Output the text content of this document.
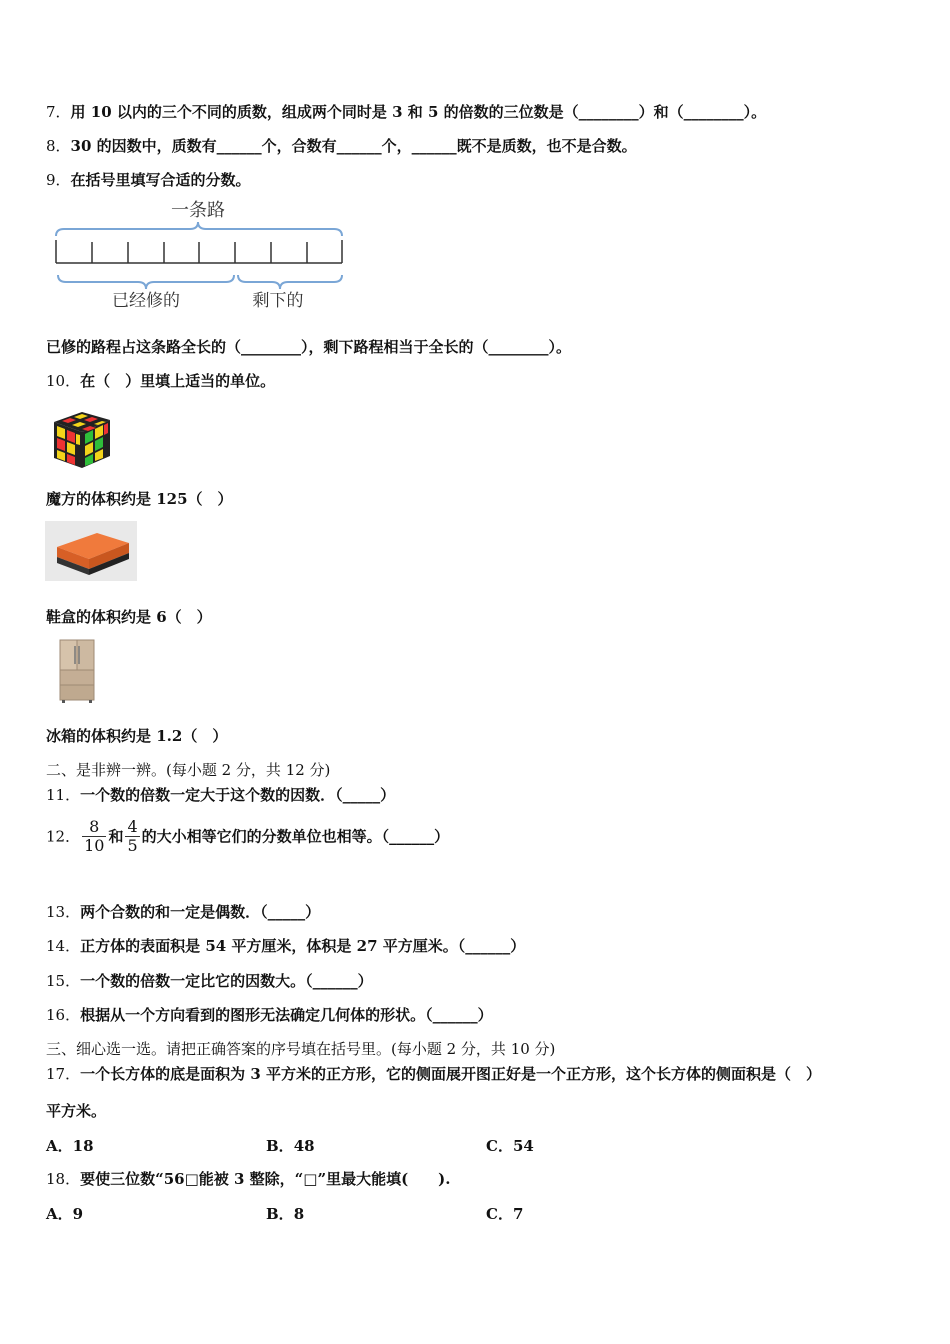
7．用 10 以内的三个不同的质数，组成两个同时是 3 和 5 的倍数的三位数是（________）和（________）。
8．30 的因数中，质数有______个，合数有______个，______既不是质数，也不是合数。
9．在括号里填写合适的分数。
一条路
已经修的	剩下的
已修的路程占这条路全长的（________），剩下路程相当于全长的（________）。
10．在（　）里填上适当的单位。
魔方的体积约是 125（　）
鞋盒的体积约是 6（　）
冰箱的体积约是 1.2（　）
二、是非辨一辨。(每小题 2 分，共 12 分)
11．一个数的倍数一定大于这个数的因数．（_____）
12． $\frac{8}{10}$ 和 $\frac{4}{5}$ 的大小相等它们的分数单位也相等。（______）
13．两个合数的和一定是偶数．（_____）
14．正方体的表面积是 54 平方厘米，体积是 27 平方厘米。（______）
15．一个数的倍数一定比它的因数大。（______）
16．根据从一个方向看到的图形无法确定几何体的形状。（______）
三、细心选一选。请把正确答案的序号填在括号里。(每小题 2 分，共 10 分)
17．一个长方体的底是面积为 3 平方米的正方形，它的侧面展开图正好是一个正方形，这个长方体的侧面积是（　）
平方米。
A．18	B．48	C．54
18．要使三位数“56□能被 3 整除，“□”里最大能填(　　).
A．9	B．8	C．7
